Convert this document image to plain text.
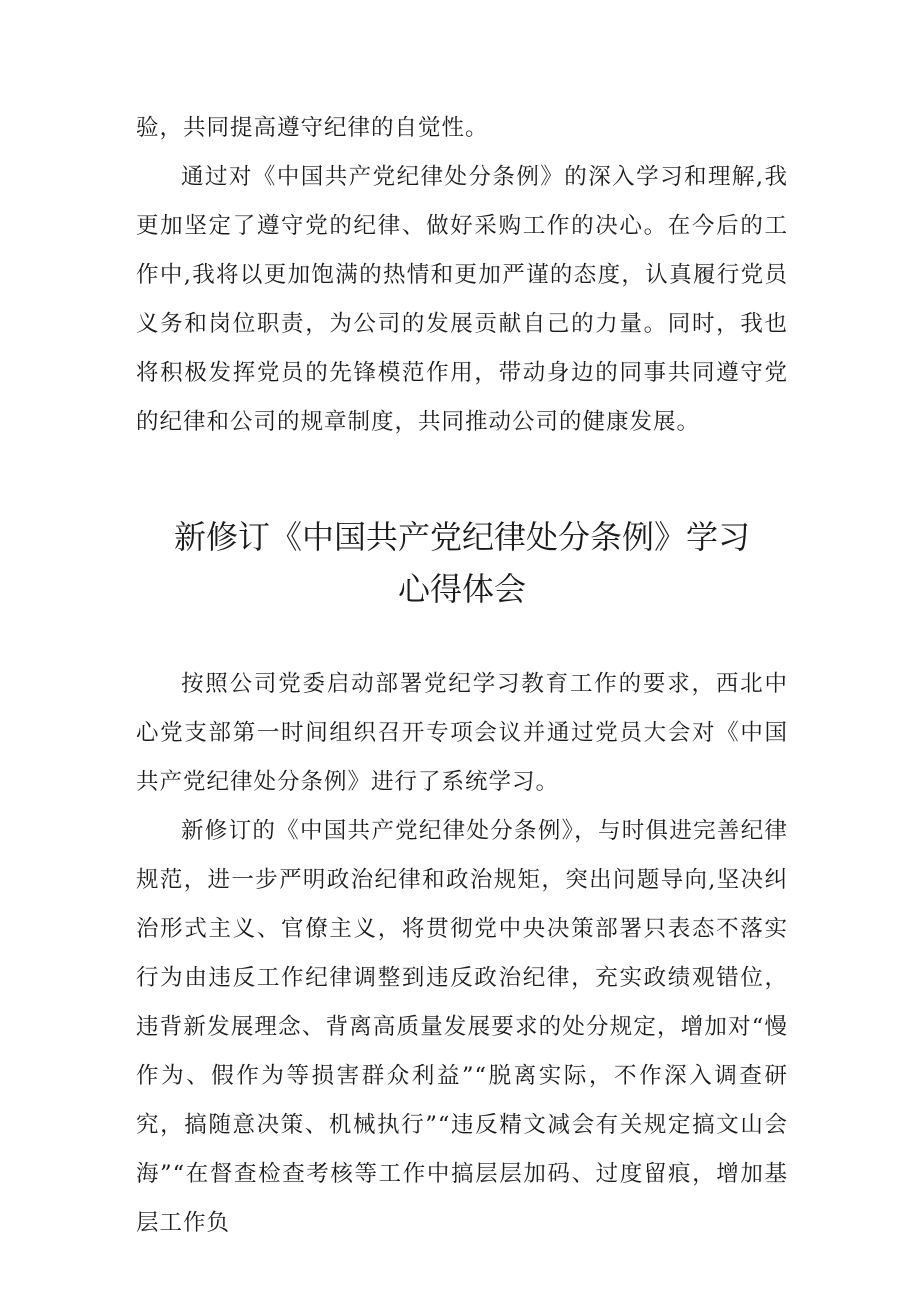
验，共同提高遵守纪律的自觉性。

通过对《中国共产党纪律处分条例》的深入学习和理解,我更加坚定了遵守党的纪律、做好采购工作的决心。在今后的工作中,我将以更加饱满的热情和更加严谨的态度，认真履行党员义务和岗位职责，为公司的发展贡献自己的力量。同时，我也将积极发挥党员的先锋模范作用，带动身边的同事共同遵守党的纪律和公司的规章制度，共同推动公司的健康发展。

新修订《中国共产党纪律处分条例》学习

心得体会

按照公司党委启动部署党纪学习教育工作的要求，西北中心党支部第一时间组织召开专项会议并通过党员大会对《中国共产党纪律处分条例》进行了系统学习。

新修订的《中国共产党纪律处分条例》，与时俱进完善纪律规范，进一步严明政治纪律和政治规矩，突出问题导向,坚决纠治形式主义、官僚主义，将贯彻党中央决策部署只表态不落实行为由违反工作纪律调整到违反政治纪律，充实政绩观错位，违背新发展理念、背离高质量发展要求的处分规定，增加对“慢作为、假作为等损害群众利益”“脱离实际，不作深入调查研究，搞随意决策、机械执行”“违反精文减会有关规定搞文山会海”“在督查检查考核等工作中搞层层加码、过度留痕，增加基层工作负
